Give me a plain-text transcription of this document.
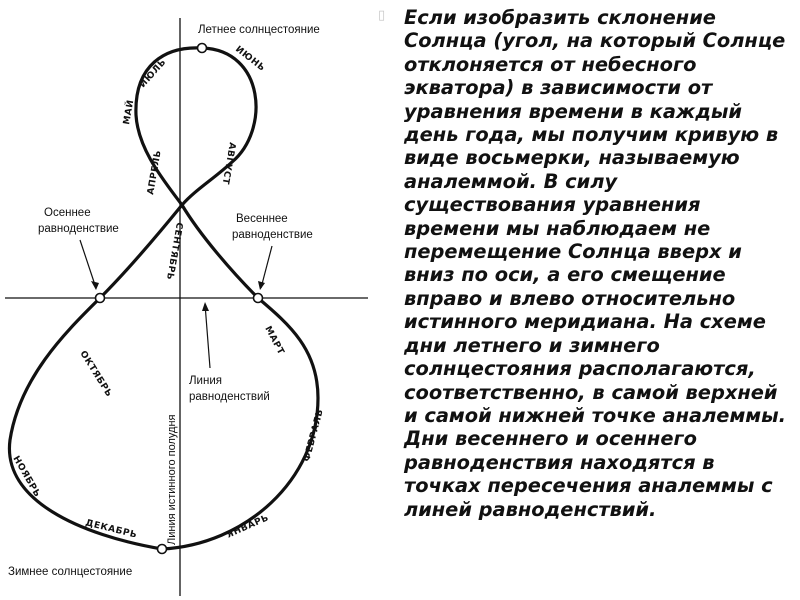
Летнее солнцестояние
Осеннее
равноденствие
Весеннее
равноденствие
Линия
равноденствий
Линия истинного полудня
Зимнее солнцестояние
ИЮЛЬ	ИЮНЬ
МАЙ
АПРЕЛЬ	АВГУСТ
СЕНТЯБРЬ
МАРТ
ОКТЯБРЬ
ФЕВРАЛЬ
НОЯБРЬ
ДЕКАБРЬ	ЯНВАРЬ
▯ Если изобразить склонение Солнца (угол, на который Солнце отклоняется от небесного экватора) в зависимости от уравнения времени в каждый день года, мы получим кривую в виде восьмерки, называемую аналеммой. В силу существования уравнения времени мы наблюдаем не перемещение Солнца вверх и вниз по оси, а его смещение вправо и влево относительно истинного меридиана. На схеме дни летнего и зимнего солнцестояния располагаются, соответственно, в самой верхней и самой нижней точке аналеммы. Дни весеннего и осеннего равноденствия находятся в точках пересечения аналеммы с линей равноденствий.
